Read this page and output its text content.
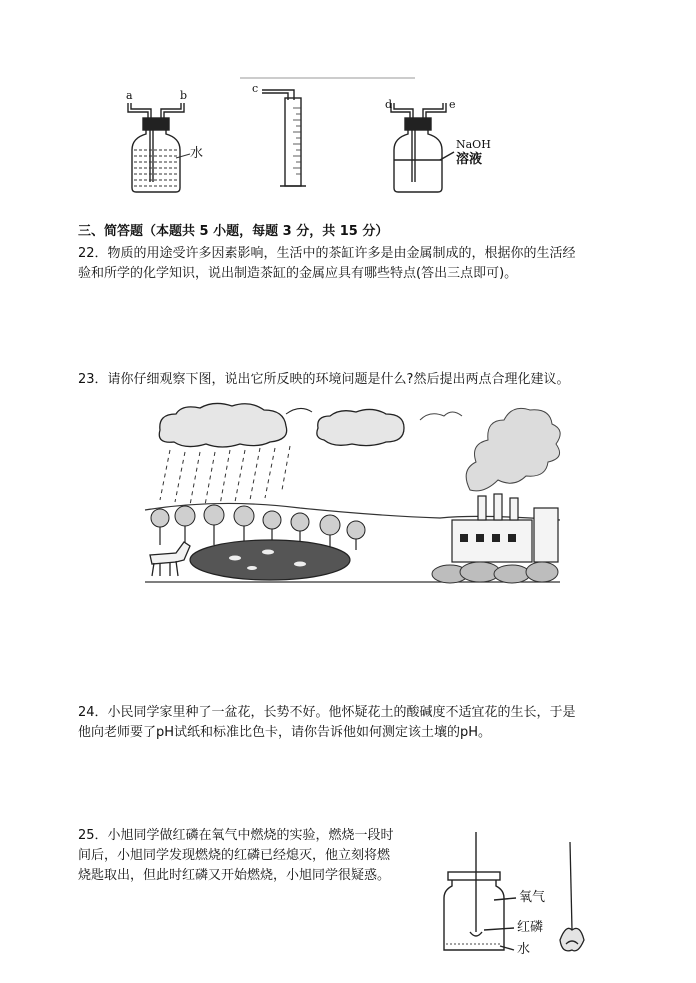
a	b
c
d	e
水
NaOH
溶液
三、简答题（本题共 5 小题，每题 3 分，共 15 分）
22．物质的用途受许多因素影响，生活中的茶缸许多是由金属制成的，根据你的生活经
验和所学的化学知识，说出制造茶缸的金属应具有哪些特点(答出三点即可)。
23．请你仔细观察下图，说出它所反映的环境问题是什么?然后提出两点合理化建议。
24．小民同学家里种了一盆花，长势不好。他怀疑花土的酸碱度不适宜花的生长，于是
他向老师要了pH试纸和标准比色卡，请你告诉他如何测定该土壤的pH。
25．小旭同学做红磷在氧气中燃烧的实验，燃烧一段时
间后，小旭同学发现燃烧的红磷已经熄灭，他立刻将燃
烧匙取出，但此时红磷又开始燃烧，小旭同学很疑惑。
氧气
红磷
水
